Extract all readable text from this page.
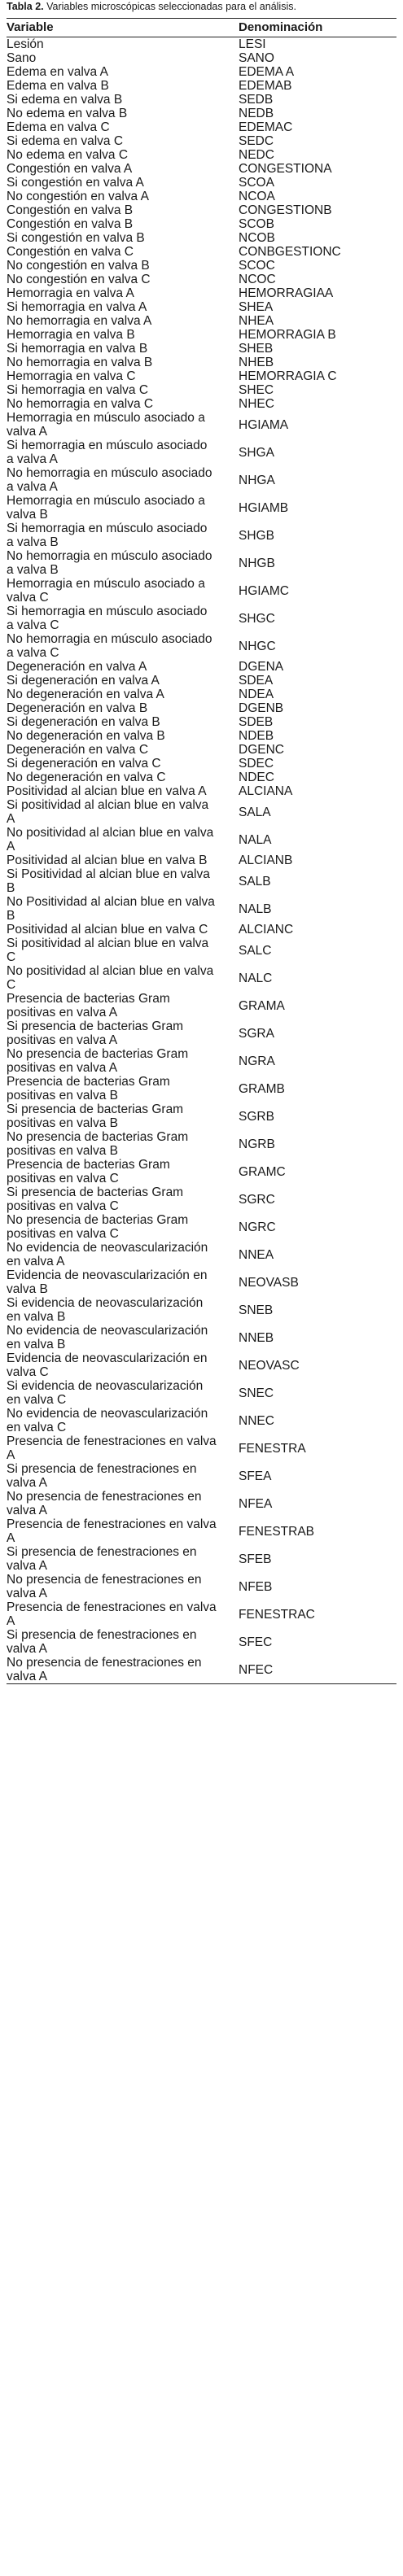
Tabla 2. Variables microscópicas seleccionadas para el análisis.

Variable	Denominación
Lesión	LESI
Sano	SANO
Edema en valva A	EDEMA A
Edema en valva B	EDEMAB
Si edema en valva B	SEDB
No edema en valva B	NEDB
Edema en valva C	EDEMAC
Si edema en valva C	SEDC
No edema en valva C	NEDC
Congestión en valva A	CONGESTIONA
Si congestión en valva A	SCOA
No congestión en valva A	NCOA
Congestión en valva B	CONGESTIONB
Congestión en valva B	SCOB
Si congestión en valva B	NCOB
Congestión en valva C	CONBGESTIONC
No congestión en valva B	SCOC
No congestión en valva C	NCOC
Hemorragia en valva A	HEMORRAGIAA
Si hemorragia en valva A	SHEA
No hemorragia en valva A	NHEA
Hemorragia en valva B	HEMORRAGIA B
Si hemorragia en valva B	SHEB
No hemorragia en valva B	NHEB
Hemorragia en valva C	HEMORRAGIA C
Si hemorragia en valva C	SHEC
No hemorragia en valva C	NHEC
Hemorragia en músculo asociado a valva A	HGIAMA
Si hemorragia en músculo asociado a valva A	SHGA
No hemorragia en músculo asociado a valva A	NHGA
Hemorragia en músculo asociado a valva B	HGIAMB
Si hemorragia en músculo asociado a valva B	SHGB
No hemorragia en músculo asociado a valva B	NHGB
Hemorragia en músculo asociado a valva C	HGIAMC
Si hemorragia en músculo asociado a valva C	SHGC
No hemorragia en músculo asociado a valva C	NHGC
Degeneración en valva A	DGENA
Si degeneración en valva A	SDEA
No degeneración en valva A	NDEA
Degeneración en valva B	DGENB
Si degeneración en valva B	SDEB
No degeneración en valva B	NDEB
Degeneración en valva C	DGENC
Si degeneración en valva C	SDEC
No degeneración en valva C	NDEC
Positividad al alcian blue en valva A	ALCIANA
Si positividad al alcian blue en valva A	SALA
No positividad al alcian blue en valva A	NALA
Positividad al alcian blue en valva B	ALCIANB
Si Positividad al alcian blue en valva B	SALB
No Positividad al alcian blue en valva B	NALB
Positividad al alcian blue en valva C	ALCIANC
Si positividad al alcian blue en valva C	SALC
No positividad al alcian blue en valva C	NALC
Presencia de bacterias Gram positivas en valva A	GRAMA
Si presencia de bacterias Gram positivas en valva A	SGRA
No presencia de bacterias Gram positivas en valva A	NGRA
Presencia de bacterias Gram positivas en valva B	GRAMB
Si presencia de bacterias Gram positivas en valva B	SGRB
No presencia de bacterias Gram positivas en valva B	NGRB
Presencia de bacterias Gram positivas en valva C	GRAMC
Si presencia de bacterias Gram positivas en valva C	SGRC
No presencia de bacterias Gram positivas en valva C	NGRC
No evidencia de neovascularización en valva A	NNEA
Evidencia de neovascularización en valva B	NEOVASB
Si evidencia de neovascularización en valva B	SNEB
No evidencia de neovascularización en valva B	NNEB
Evidencia de neovascularización en valva C	NEOVASC
Si evidencia de neovascularización en valva C	SNEC
No evidencia de neovascularización en valva C	NNEC
Presencia de fenestraciones en valva A	FENESTRA
Si presencia de fenestraciones en valva A	SFEA
No presencia de fenestraciones en valva A	NFEA
Presencia de fenestraciones en valva A	FENESTRAB
Si presencia de fenestraciones en valva A	SFEB
No presencia de fenestraciones en valva A	NFEB
Presencia de fenestraciones en valva A	FENESTRAC
Si presencia de fenestraciones en valva A	SFEC
No presencia de fenestraciones en valva A	NFEC
